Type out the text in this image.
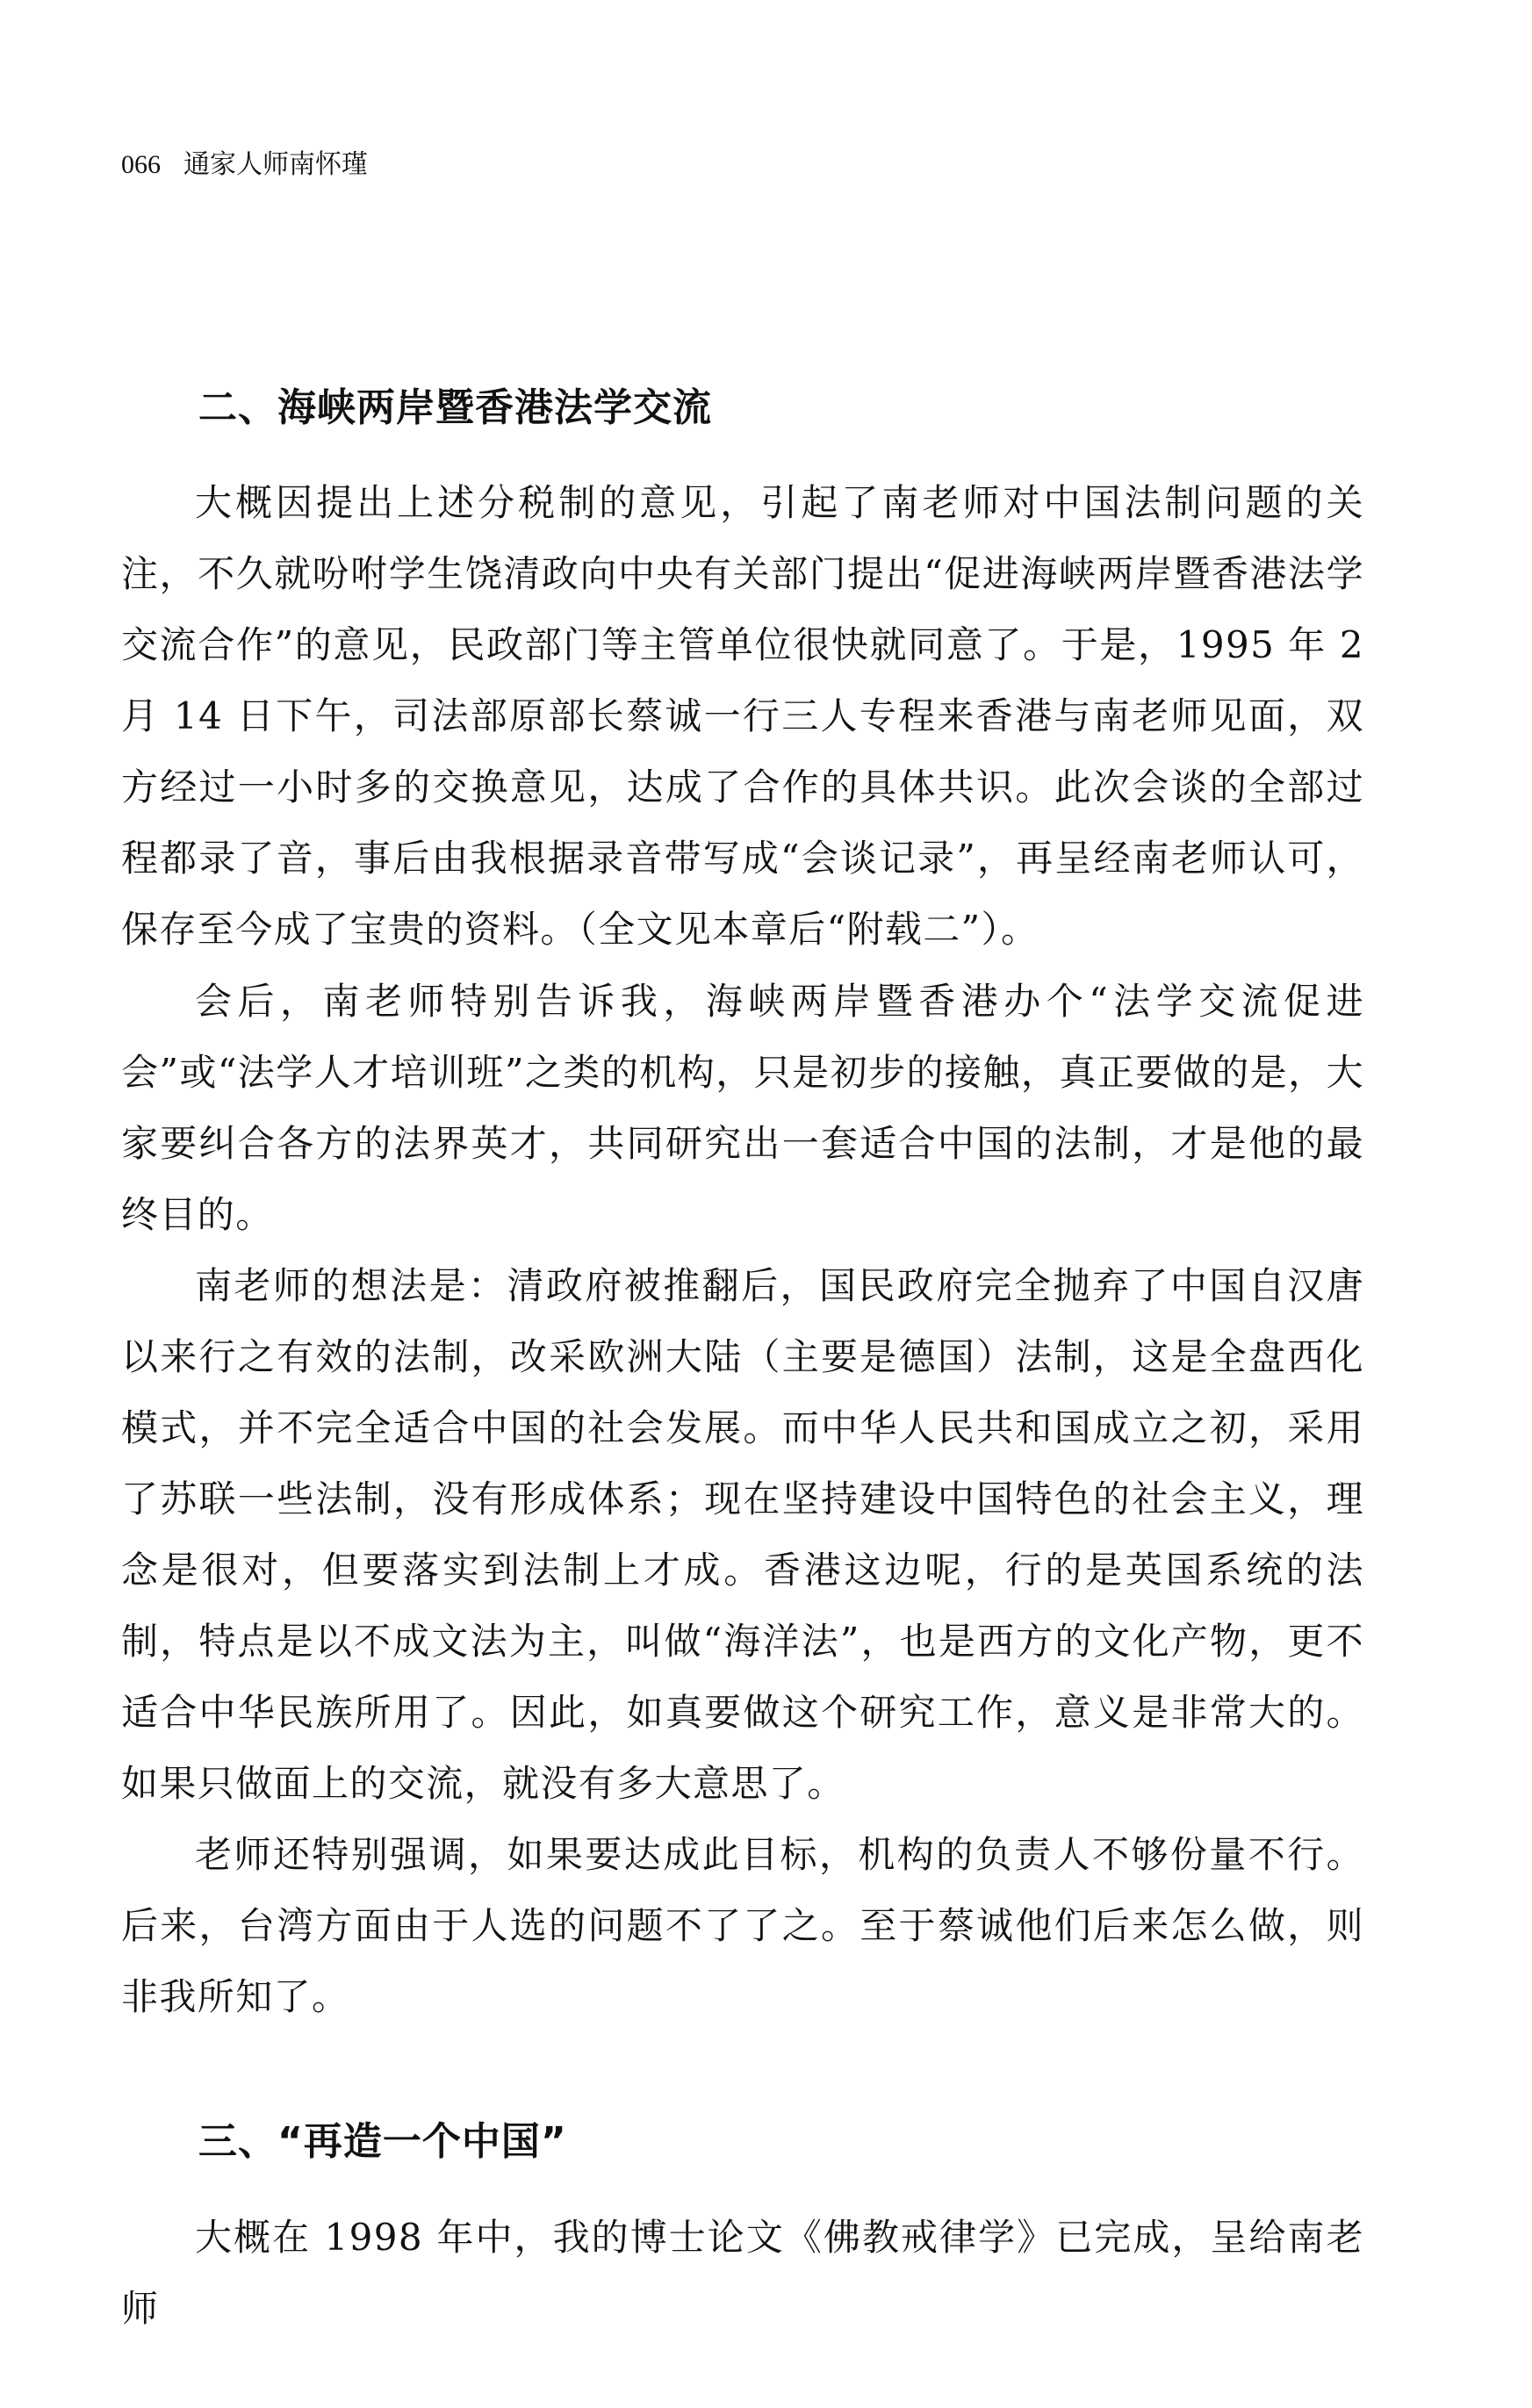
066 通家人师南怀瑾
二、海峡两岸暨香港法学交流

大概因提出上述分税制的意见，引起了南老师对中国法制问题的关注，不久就吩咐学生饶清政向中央有关部门提出“促进海峡两岸暨香港法学交流合作”的意见，民政部门等主管单位很快就同意了。于是，1995 年 2 月 14 日下午，司法部原部长蔡诚一行三人专程来香港与南老师见面，双方经过一小时多的交换意见，达成了合作的具体共识。此次会谈的全部过程都录了音，事后由我根据录音带写成“会谈记录”，再呈经南老师认可，保存至今成了宝贵的资料。（全文见本章后“附载二”）。

会后，南老师特别告诉我，海峡两岸暨香港办个“法学交流促进会”或“法学人才培训班”之类的机构，只是初步的接触，真正要做的是，大家要纠合各方的法界英才，共同研究出一套适合中国的法制，才是他的最终目的。

南老师的想法是：清政府被推翻后，国民政府完全抛弃了中国自汉唐以来行之有效的法制，改采欧洲大陆（主要是德国）法制，这是全盘西化模式，并不完全适合中国的社会发展。而中华人民共和国成立之初，采用了苏联一些法制，没有形成体系；现在坚持建设中国特色的社会主义，理念是很对，但要落实到法制上才成。香港这边呢，行的是英国系统的法制，特点是以不成文法为主，叫做“海洋法”，也是西方的文化产物，更不适合中华民族所用了。因此，如真要做这个研究工作，意义是非常大的。如果只做面上的交流，就没有多大意思了。

老师还特别强调，如果要达成此目标，机构的负责人不够份量不行。后来，台湾方面由于人选的问题不了了之。至于蔡诚他们后来怎么做，则非我所知了。

三、“再造一个中国”

大概在 1998 年中，我的博士论文《佛教戒律学》已完成，呈给南老师
